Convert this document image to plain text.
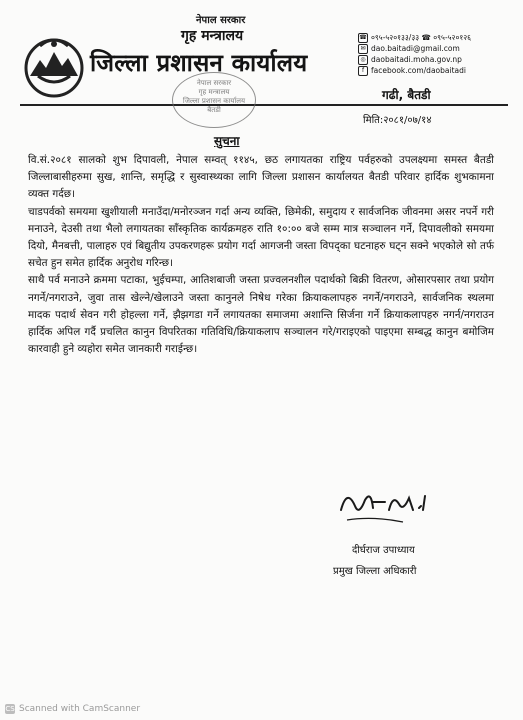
नेपाल सरकार
गृह मन्त्रालय
जिल्ला प्रशासन कार्यालय
☎ ०९५-५२०१३३/३३ ☎ ०९५-५२०१२६
✉ dao.baitadi@gmail.com
◎ daobaitadi.moha.gov.np
f facebook.com/daobaitadi
गढी, बैतडी
नेपाल सरकार
गृह मन्त्रालय
जिल्ला प्रशासन कार्यालय
बैतडी
मिति:२०८१/०७/१४
सुचना

वि.सं.२०८१ सालको शुभ दिपावली, नेपाल सम्वत् ११४५, छठ लगायतका राष्ट्रिय पर्वहरुको उपलक्ष्यमा समस्त बैतडी जिल्लाबासीहरुमा सुख, शान्ति, समृद्धि र सुस्वास्थ्यका लागि जिल्ला प्रशासन कार्यालयत बैतडी परिवार हार्दिक शुभकामना व्यक्त गर्दछ।

चाडपर्वको समयमा खुशीयाली मनाउँदा/मनोरञ्जन गर्दा अन्य व्यक्ति, छिमेकी, समुदाय र सार्वजनिक जीवनमा असर नपर्ने गरी मनाउने, देउसी तथा भैलो लगायतका साँस्कृतिक कार्यक्रमहरु राति १०:०० बजे सम्म मात्र सञ्चालन गर्ने, दिपावलीको समयमा दियो, मैनबत्ती, पालाहरु एवं बिद्युतीय उपकरणहरू प्रयोग गर्दा आगजनी जस्ता विपद्का घटनाहरु घट्न सक्ने भएकोले सो तर्फ सचेत हुन समेत हार्दिक अनुरोध गरिन्छ।

साथै पर्व मनाउने क्रममा पटाका, भुईचम्पा, आतिशबाजी जस्ता प्रज्वलनशील पदार्थको बिक्री वितरण, ओसारपसार तथा प्रयोग नगर्ने/नगराउने, जुवा तास खेल्ने/खेलाउने जस्ता कानुनले निषेध गरेका क्रियाकलापहरु नगर्ने/नगराउने, सार्वजनिक स्थलमा मादक पदार्थ सेवन गरी होहल्ला गर्ने, झैझगडा गर्ने लगायतका समाजमा अशान्ति सिर्जना गर्ने क्रियाकलापहरु नगर्न/नगराउन हार्दिक अपिल गर्दै प्रचलित कानुन विपरितका गतिविधि/क्रियाकलाप सञ्चालन गरे/गराइएको पाइएमा सम्बद्ध कानुन बमोजिम कारवाही हुने व्यहोरा समेत जानकारी गराईन्छ।

दीर्घराज उपाध्याय
प्रमुख जिल्ला अधिकारी
CS Scanned with CamScanner
